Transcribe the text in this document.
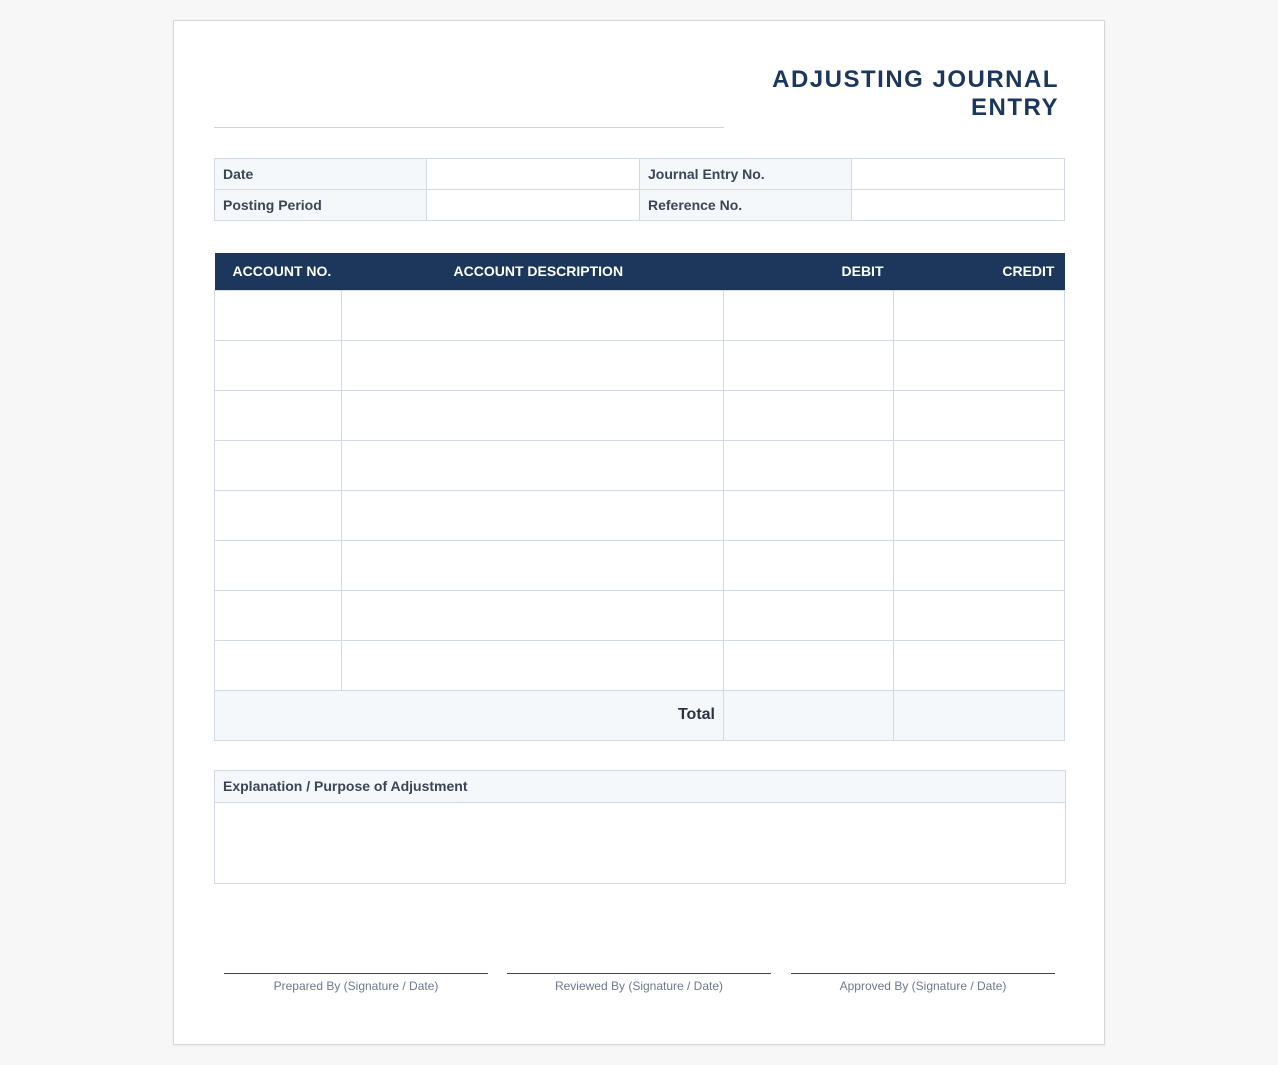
ADJUSTING JOURNAL ENTRY
Date		Journal Entry No.	
Posting Period		Reference No.	
ACCOUNT NO.	ACCOUNT DESCRIPTION	DEBIT	CREDIT

Total			
Explanation / Purpose of Adjustment
Prepared By (Signature / Date)	Reviewed By (Signature / Date)	Approved By (Signature / Date)
